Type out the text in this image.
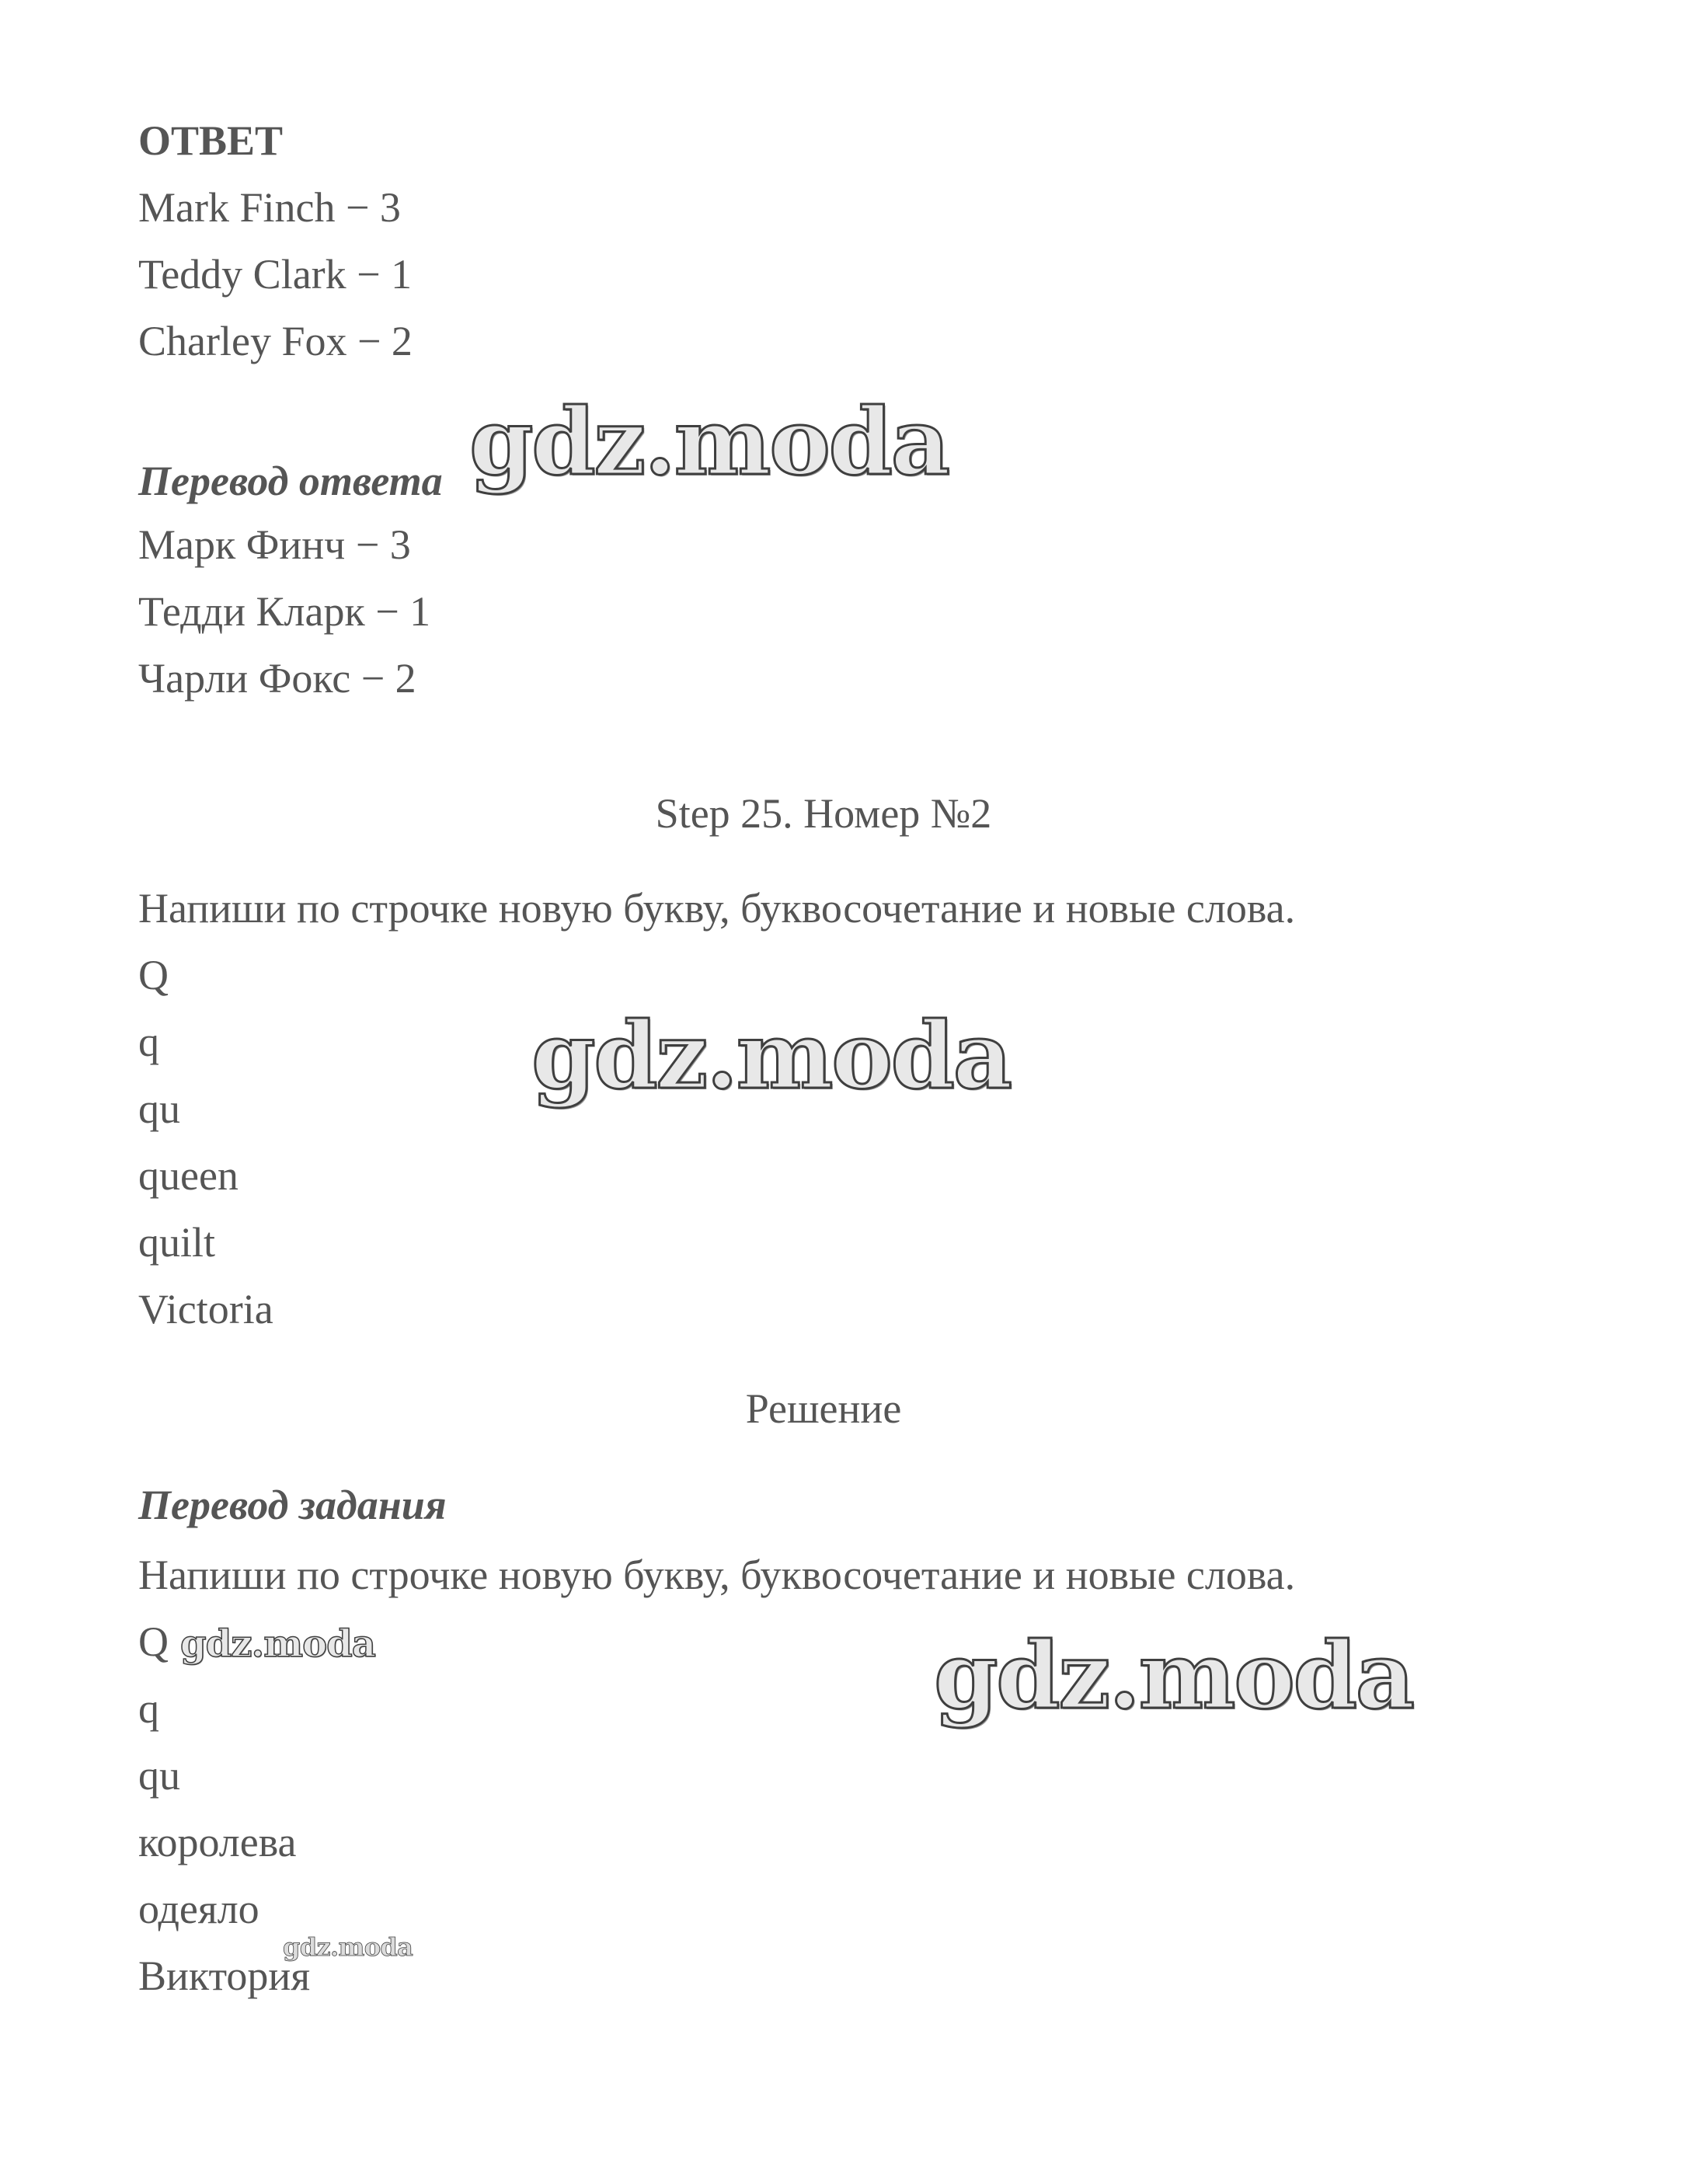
ОТВЕТ
Mark Finch − 3
Teddy Clark − 1
Charley Fox − 2
Перевод ответа
Марк Финч − 3
Тедди Кларк − 1
Чарли Фокс − 2
Step 25. Номер №2
Напиши по строчке новую букву, буквосочетание и новые слова.
Q
q
qu
queen
quilt
Victoria
Решение
Перевод задания
Напиши по строчке новую букву, буквосочетание и новые слова.
Q
q
qu
королева
одеяло
Виктория
gdz.moda
gdz.moda
gdz.moda
gdz.moda
gdz.moda
